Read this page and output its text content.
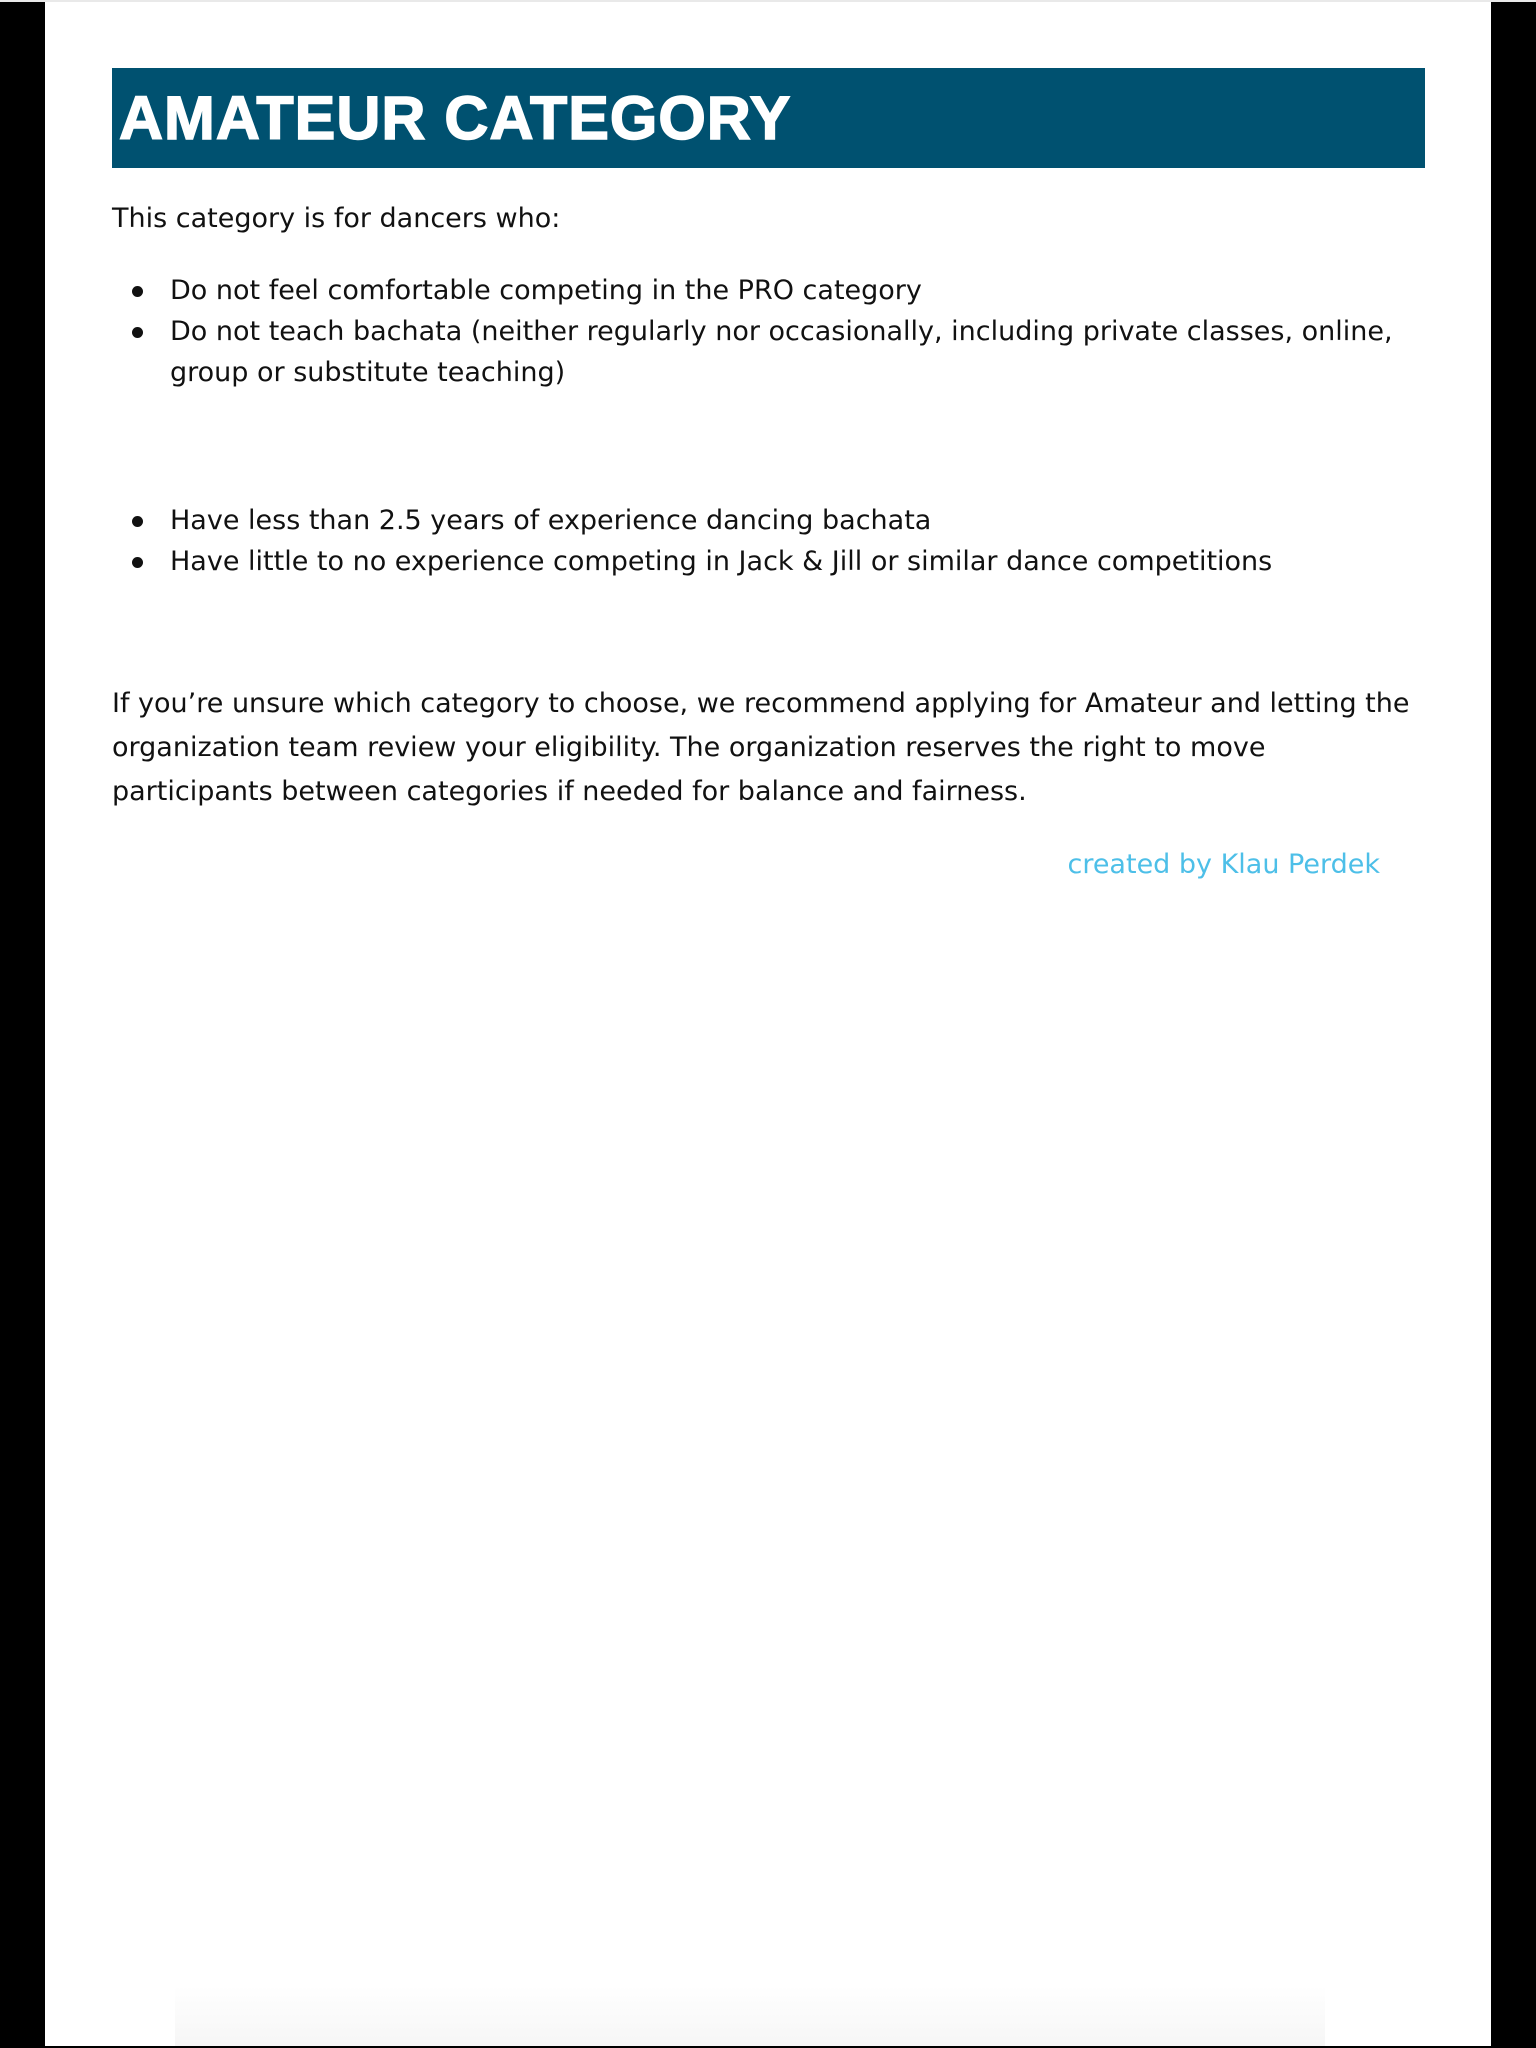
AMATEUR CATEGORY
This category is for dancers who:
Do not feel comfortable competing in the PRO category
Do not teach bachata (neither regularly nor occasionally, including private classes, online, group or substitute teaching)
Have less than 2.5 years of experience dancing bachata
Have little to no experience competing in Jack & Jill or similar dance competitions

If you’re unsure which category to choose, we recommend applying for Amateur and letting the organization team review your eligibility. The organization reserves the right to move participants between categories if needed for balance and fairness.

created by Klau Perdek
